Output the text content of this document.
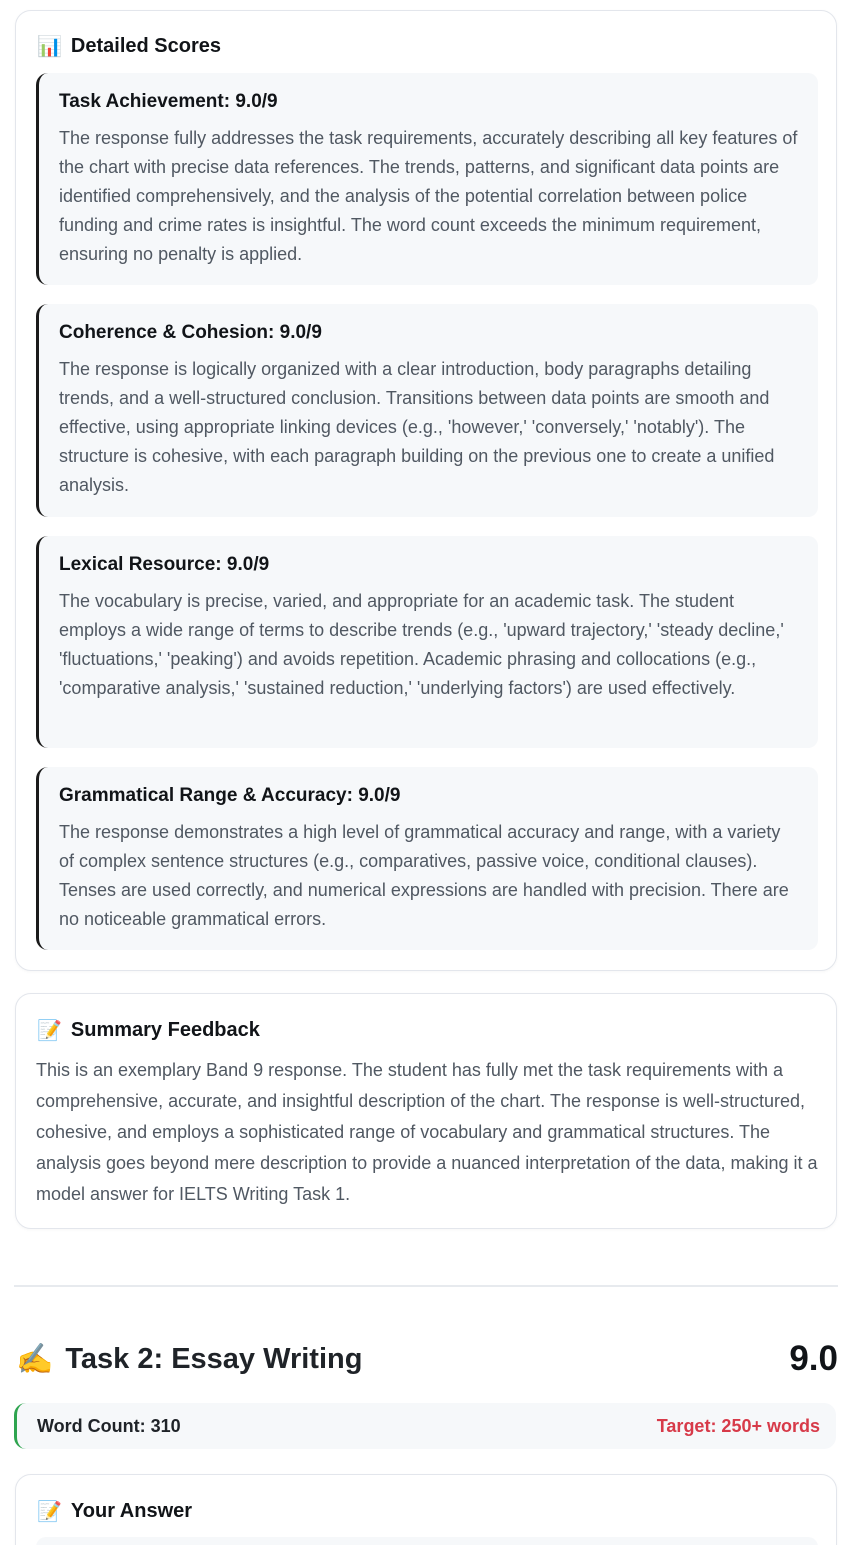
📊 Detailed Scores
Task Achievement: 9.0/9

The response fully addresses the task requirements, accurately describing all key features of the chart with precise data references. The trends, patterns, and significant data points are identified comprehensively, and the analysis of the potential correlation between police funding and crime rates is insightful. The word count exceeds the minimum requirement, ensuring no penalty is applied.

Coherence & Cohesion: 9.0/9

The response is logically organized with a clear introduction, body paragraphs detailing trends, and a well-structured conclusion. Transitions between data points are smooth and effective, using appropriate linking devices (e.g., 'however,' 'conversely,' 'notably'). The structure is cohesive, with each paragraph building on the previous one to create a unified analysis.

Lexical Resource: 9.0/9

The vocabulary is precise, varied, and appropriate for an academic task. The student employs a wide range of terms to describe trends (e.g., 'upward trajectory,' 'steady decline,' 'fluctuations,' 'peaking') and avoids repetition. Academic phrasing and collocations (e.g., 'comparative analysis,' 'sustained reduction,' 'underlying factors') are used effectively.

Grammatical Range & Accuracy: 9.0/9

The response demonstrates a high level of grammatical accuracy and range, with a variety of complex sentence structures (e.g., comparatives, passive voice, conditional clauses). Tenses are used correctly, and numerical expressions are handled with precision. There are no noticeable grammatical errors.

📝 Summary Feedback

This is an exemplary Band 9 response. The student has fully met the task requirements with a comprehensive, accurate, and insightful description of the chart. The response is well-structured, cohesive, and employs a sophisticated range of vocabulary and grammatical structures. The analysis goes beyond mere description to provide a nuanced interpretation of the data, making it a model answer for IELTS Writing Task 1.

✍️ Task 2: Essay Writing	9.0
Word Count: 310	Target: 250+ words
📝 Your Answer
